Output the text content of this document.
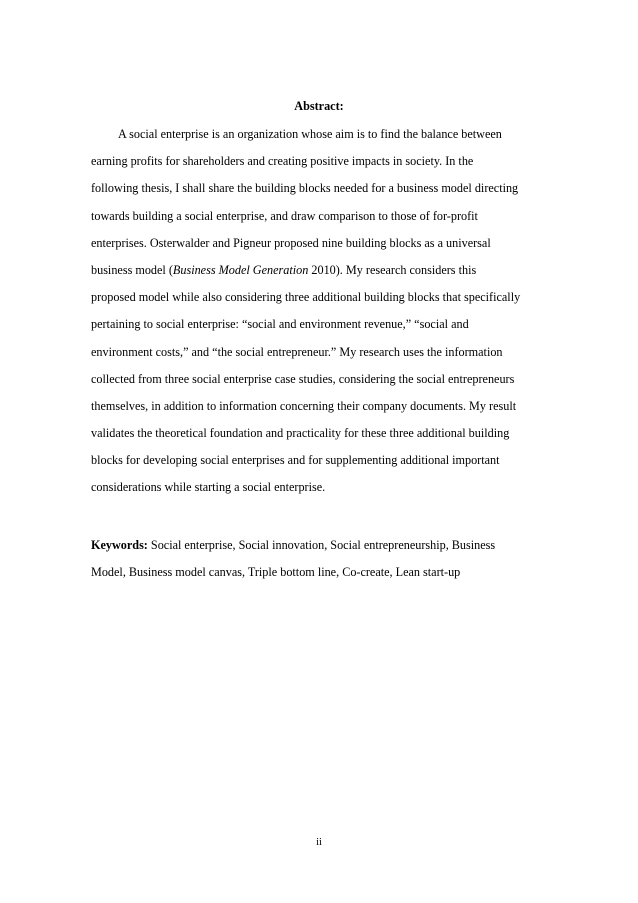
Abstract:

A social enterprise is an organization whose aim is to find the balance between
earning profits for shareholders and creating positive impacts in society. In the
following thesis, I shall share the building blocks needed for a business model directing
towards building a social enterprise, and draw comparison to those of for-profit
enterprises. Osterwalder and Pigneur proposed nine building blocks as a universal
business model (Business Model Generation 2010). My research considers this
proposed model while also considering three additional building blocks that specifically
pertaining to social enterprise: “social and environment revenue,” “social and
environment costs,” and “the social entrepreneur.” My research uses the information
collected from three social enterprise case studies, considering the social entrepreneurs
themselves, in addition to information concerning their company documents. My result
validates the theoretical foundation and practicality for these three additional building
blocks for developing social enterprises and for supplementing additional important
considerations while starting a social enterprise.
Keywords: Social enterprise, Social innovation, Social entrepreneurship, Business
Model, Business model canvas, Triple bottom line, Co-create, Lean start-up

ii
